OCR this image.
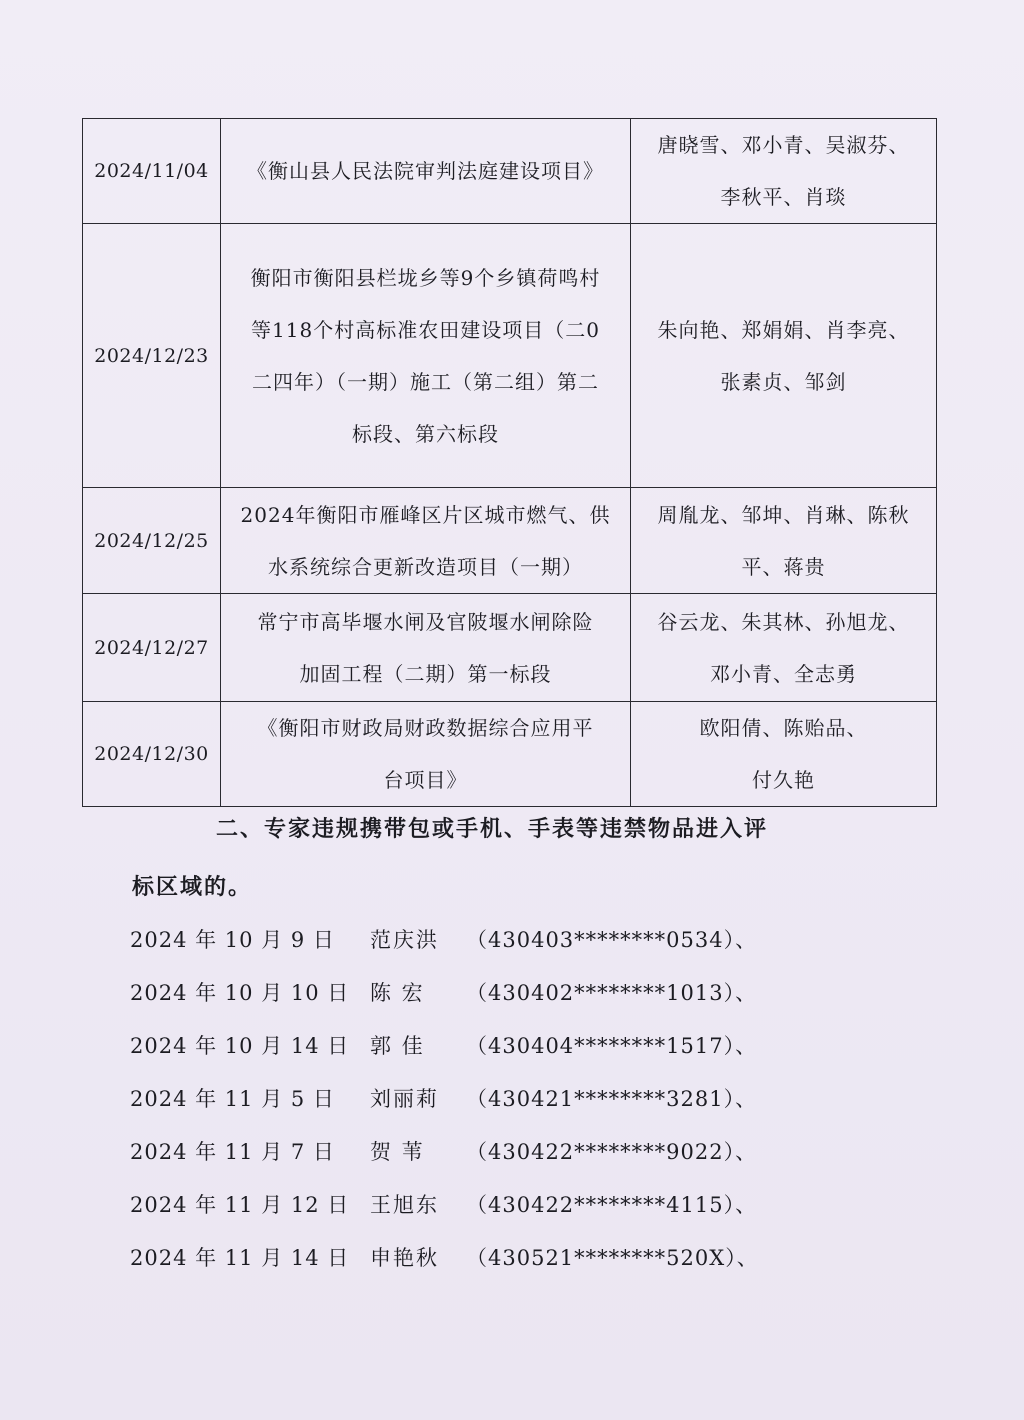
2024/11/04	《衡山县人民法院审判法庭建设项目》	唐晓雪、邓小青、吴淑芬、
李秋平、肖琰

2024/12/23	衡阳市衡阳县栏垅乡等9个乡镇荷鸣村
等118个村高标准农田建设项目（二0
二四年）（一期）施工（第二组）第二
标段、第六标段	朱向艳、郑娟娟、肖李亮、
张素贞、邹剑

2024/12/25	2024年衡阳市雁峰区片区城市燃气、供
水系统综合更新改造项目（一期）	周胤龙、邹坤、肖琳、陈秋
平、蒋贵

2024/12/27	常宁市高毕堰水闸及官陂堰水闸除险
加固工程（二期）第一标段	谷云龙、朱其林、孙旭龙、
邓小青、全志勇

2024/12/30	《衡阳市财政局财政数据综合应用平
台项目》	欧阳倩、陈贻品、
付久艳
二、专家违规携带包或手机、手表等违禁物品进入评
标区域的。
2024 年 10 月 9 日 范庆洪 （430403********0534）、
2024 年 10 月 10 日 陈 宏 （430402********1013）、
2024 年 10 月 14 日 郭 佳 （430404********1517）、
2024 年 11 月 5 日 刘丽莉 （430421********3281）、
2024 年 11 月 7 日 贺 苇 （430422********9022）、
2024 年 11 月 12 日 王旭东 （430422********4115）、
2024 年 11 月 14 日 申艳秋 （430521********520X）、
